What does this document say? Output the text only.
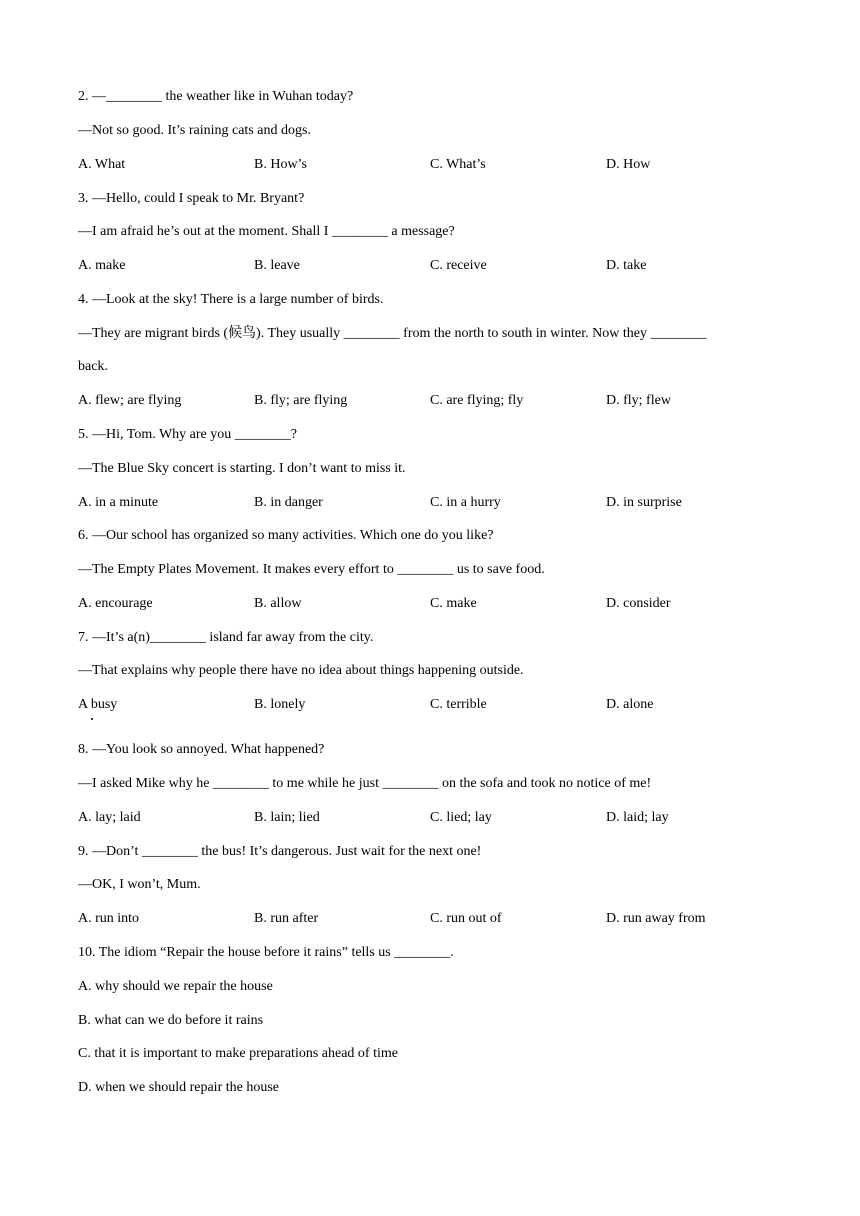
2. —________ the weather like in Wuhan today?
—Not so good. It’s raining cats and dogs.
A. What	B. How’s	C. What’s	D. How
3. —Hello, could I speak to Mr. Bryant?
—I am afraid he’s out at the moment. Shall I ________ a message?
A. make	B. leave	C. receive	D. take
4. —Look at the sky! There is a large number of birds.
—They are migrant birds (候鸟). They usually ________ from the north to south in winter. Now they ________
back.
A. flew; are flying	B. fly; are flying	C. are flying; fly	D. fly; flew
5. —Hi, Tom. Why are you ________?
—The Blue Sky concert is starting. I don’t want to miss it.
A. in a minute	B. in danger	C. in a hurry	D. in surprise
6. —Our school has organized so many activities. Which one do you like?
—The Empty Plates Movement. It makes every effort to ________ us to save food.
A. encourage	B. allow	C. make	D. consider
7. —It’s a(n)________ island far away from the city.
—That explains why people there have no idea about things happening outside.
A busy	B. lonely	C. terrible	D. alone
8. —You look so annoyed. What happened?
—I asked Mike why he ________ to me while he just ________ on the sofa and took no notice of me!
A. lay; laid	B. lain; lied	C. lied; lay	D. laid; lay
9. —Don’t ________ the bus! It’s dangerous. Just wait for the next one!
—OK, I won’t, Mum.
A. run into	B. run after	C. run out of	D. run away from
10. The idiom “Repair the house before it rains” tells us ________.
A. why should we repair the house
B. what can we do before it rains
C. that it is important to make preparations ahead of time
D. when we should repair the house
